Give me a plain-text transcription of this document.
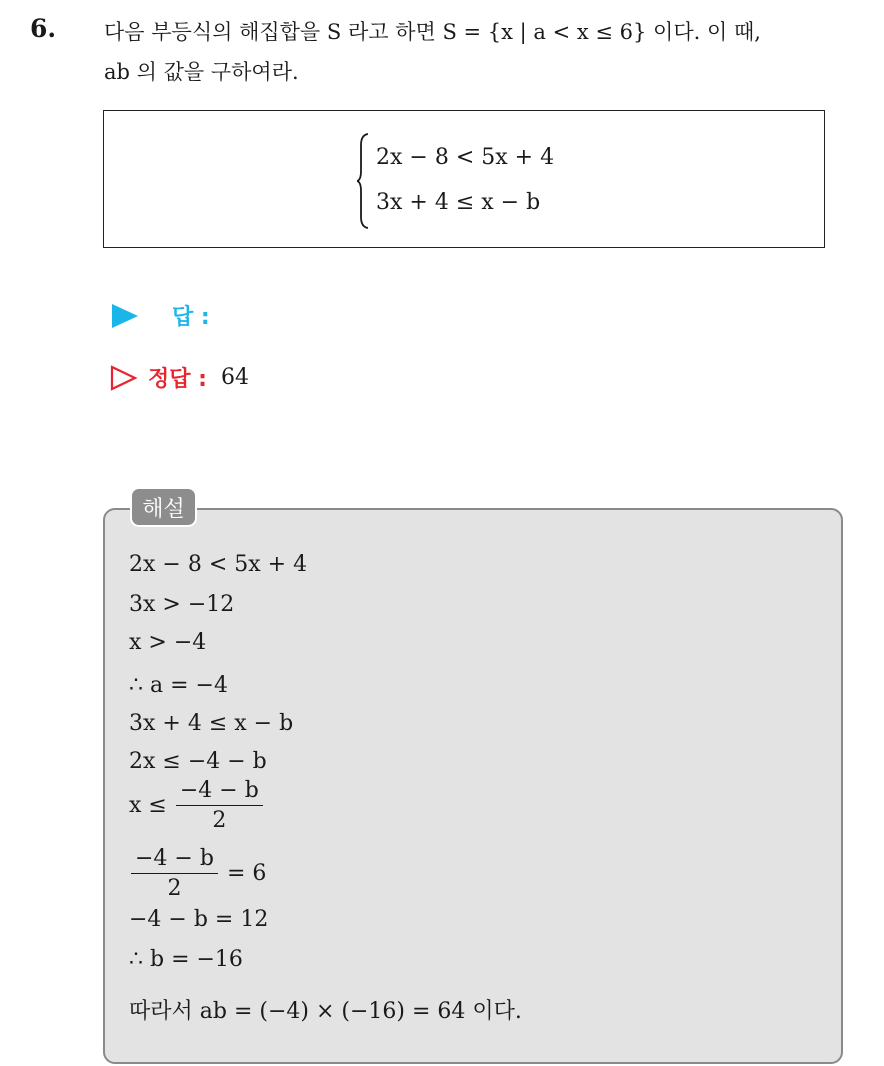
6. 다음 부등식의 해집합을 S 라고 하면 S = {x | a < x ≤ 6} 이다. 이 때,
ab 의 값을 구하여라.
2x − 8 < 5x + 4
3x + 4 ≤ x − b
답 :
정답 : 64
해설
2x − 8 < 5x + 4
3x > −12
x > −4
∴ a = −4
3x + 4 ≤ x − b
2x ≤ −4 − b
$x \le \frac{-4 - b}{2}$
$\frac{-4 - b}{2} = 6$
−4 − b = 12
∴ b = −16
따라서 ab = (−4) × (−16) = 64 이다.
